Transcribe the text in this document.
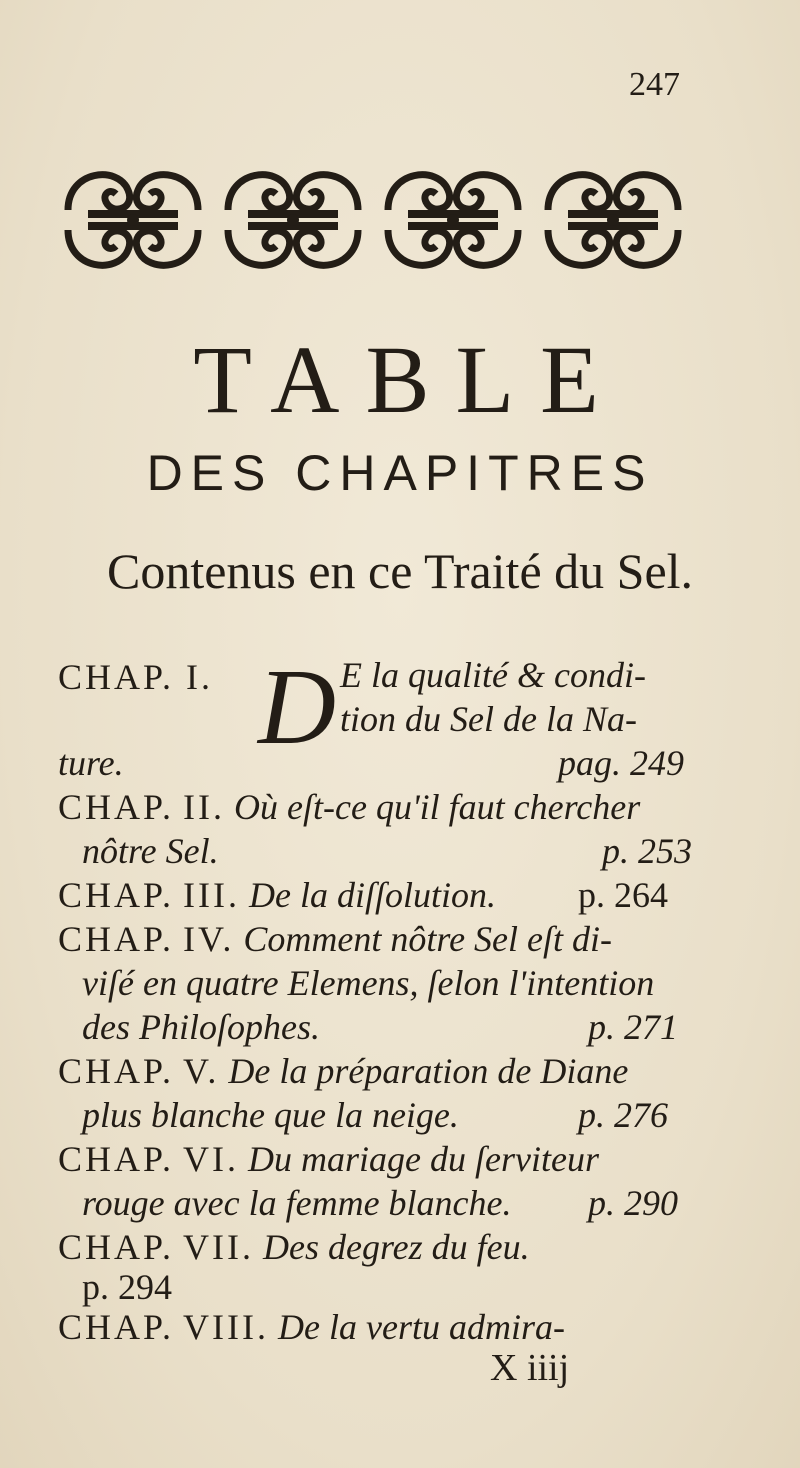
247
TABLE
DES CHAPITRES
Contenus en ce Traité du Sel.
CHAP. I. D E la qualité & condi-
tion du Sel de la Na-
ture.	pag. 249
CHAP. II. Où eſt-ce qu'il faut chercher
nôtre Sel.	p. 253
CHAP. III. De la diſſolution. p. 264
CHAP. IV. Comment nôtre Sel eſt di-
viſé en quatre Elemens, ſelon l'intention
des Philoſophes.	p. 271
CHAP. V. De la préparation de Diane
plus blanche que la neige.	p. 276
CHAP. VI. Du mariage du ſerviteur
rouge avec la femme blanche. p. 290
CHAP. VII. Des degrez du feu.
p. 294
CHAP. VIII. De la vertu admira-
X iiij
